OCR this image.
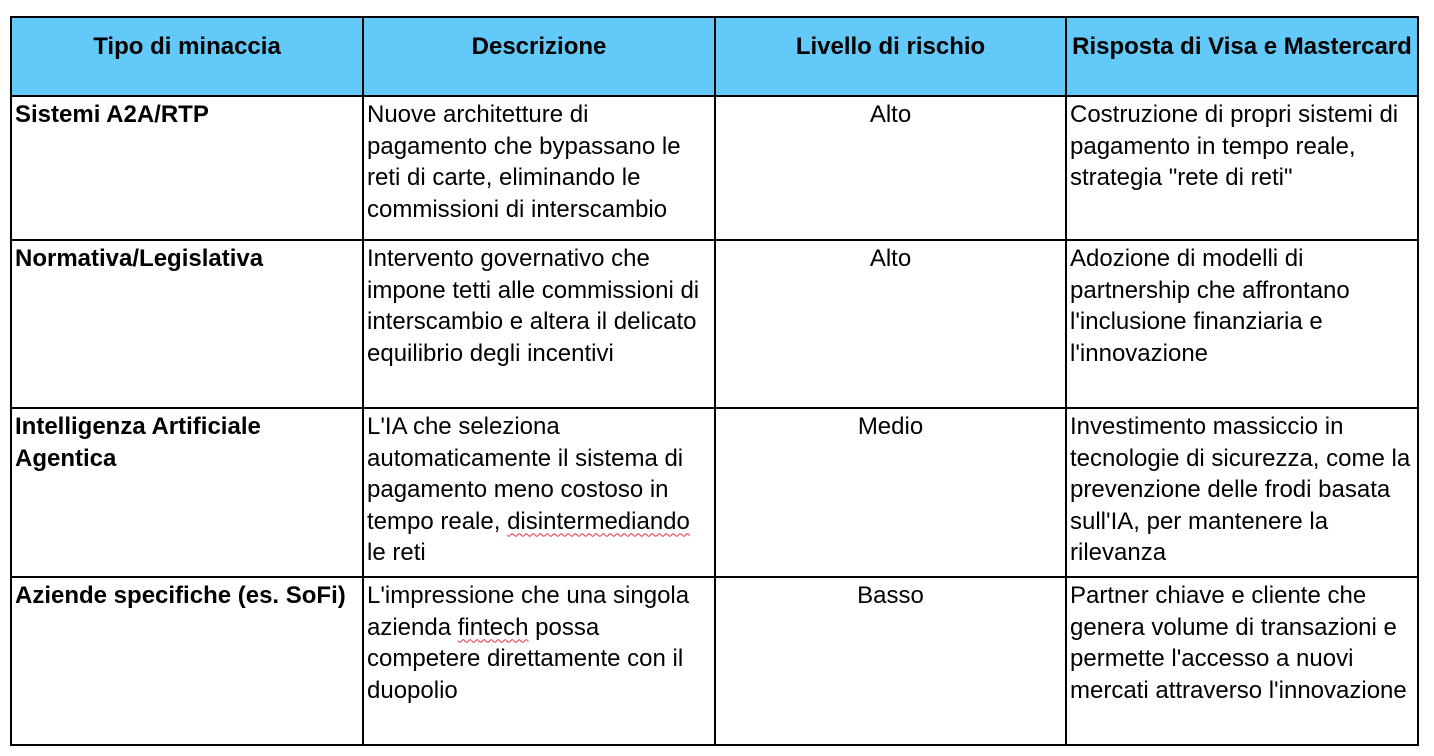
Tipo di minaccia	Descrizione	Livello di rischio	Risposta di Visa e Mastercard
Sistemi A2A/RTP	Nuove architetture di pagamento che bypassano le reti di carte, eliminando le commissioni di interscambio	Alto	Costruzione di propri sistemi di pagamento in tempo reale, strategia "rete di reti"
Normativa/Legislativa	Intervento governativo che impone tetti alle commissioni di interscambio e altera il delicato equilibrio degli incentivi	Alto	Adozione di modelli di partnership che affrontano l'inclusione finanziaria e l'innovazione
Intelligenza Artificiale Agentica	L'IA che seleziona automaticamente il sistema di pagamento meno costoso in tempo reale, disintermediando le reti	Medio	Investimento massiccio in tecnologie di sicurezza, come la prevenzione delle frodi basata sull'IA, per mantenere la rilevanza
Aziende specifiche (es. SoFi)	L'impressione che una singola azienda fintech possa competere direttamente con il duopolio	Basso	Partner chiave e cliente che genera volume di transazioni e permette l'accesso a nuovi mercati attraverso l'innovazione
